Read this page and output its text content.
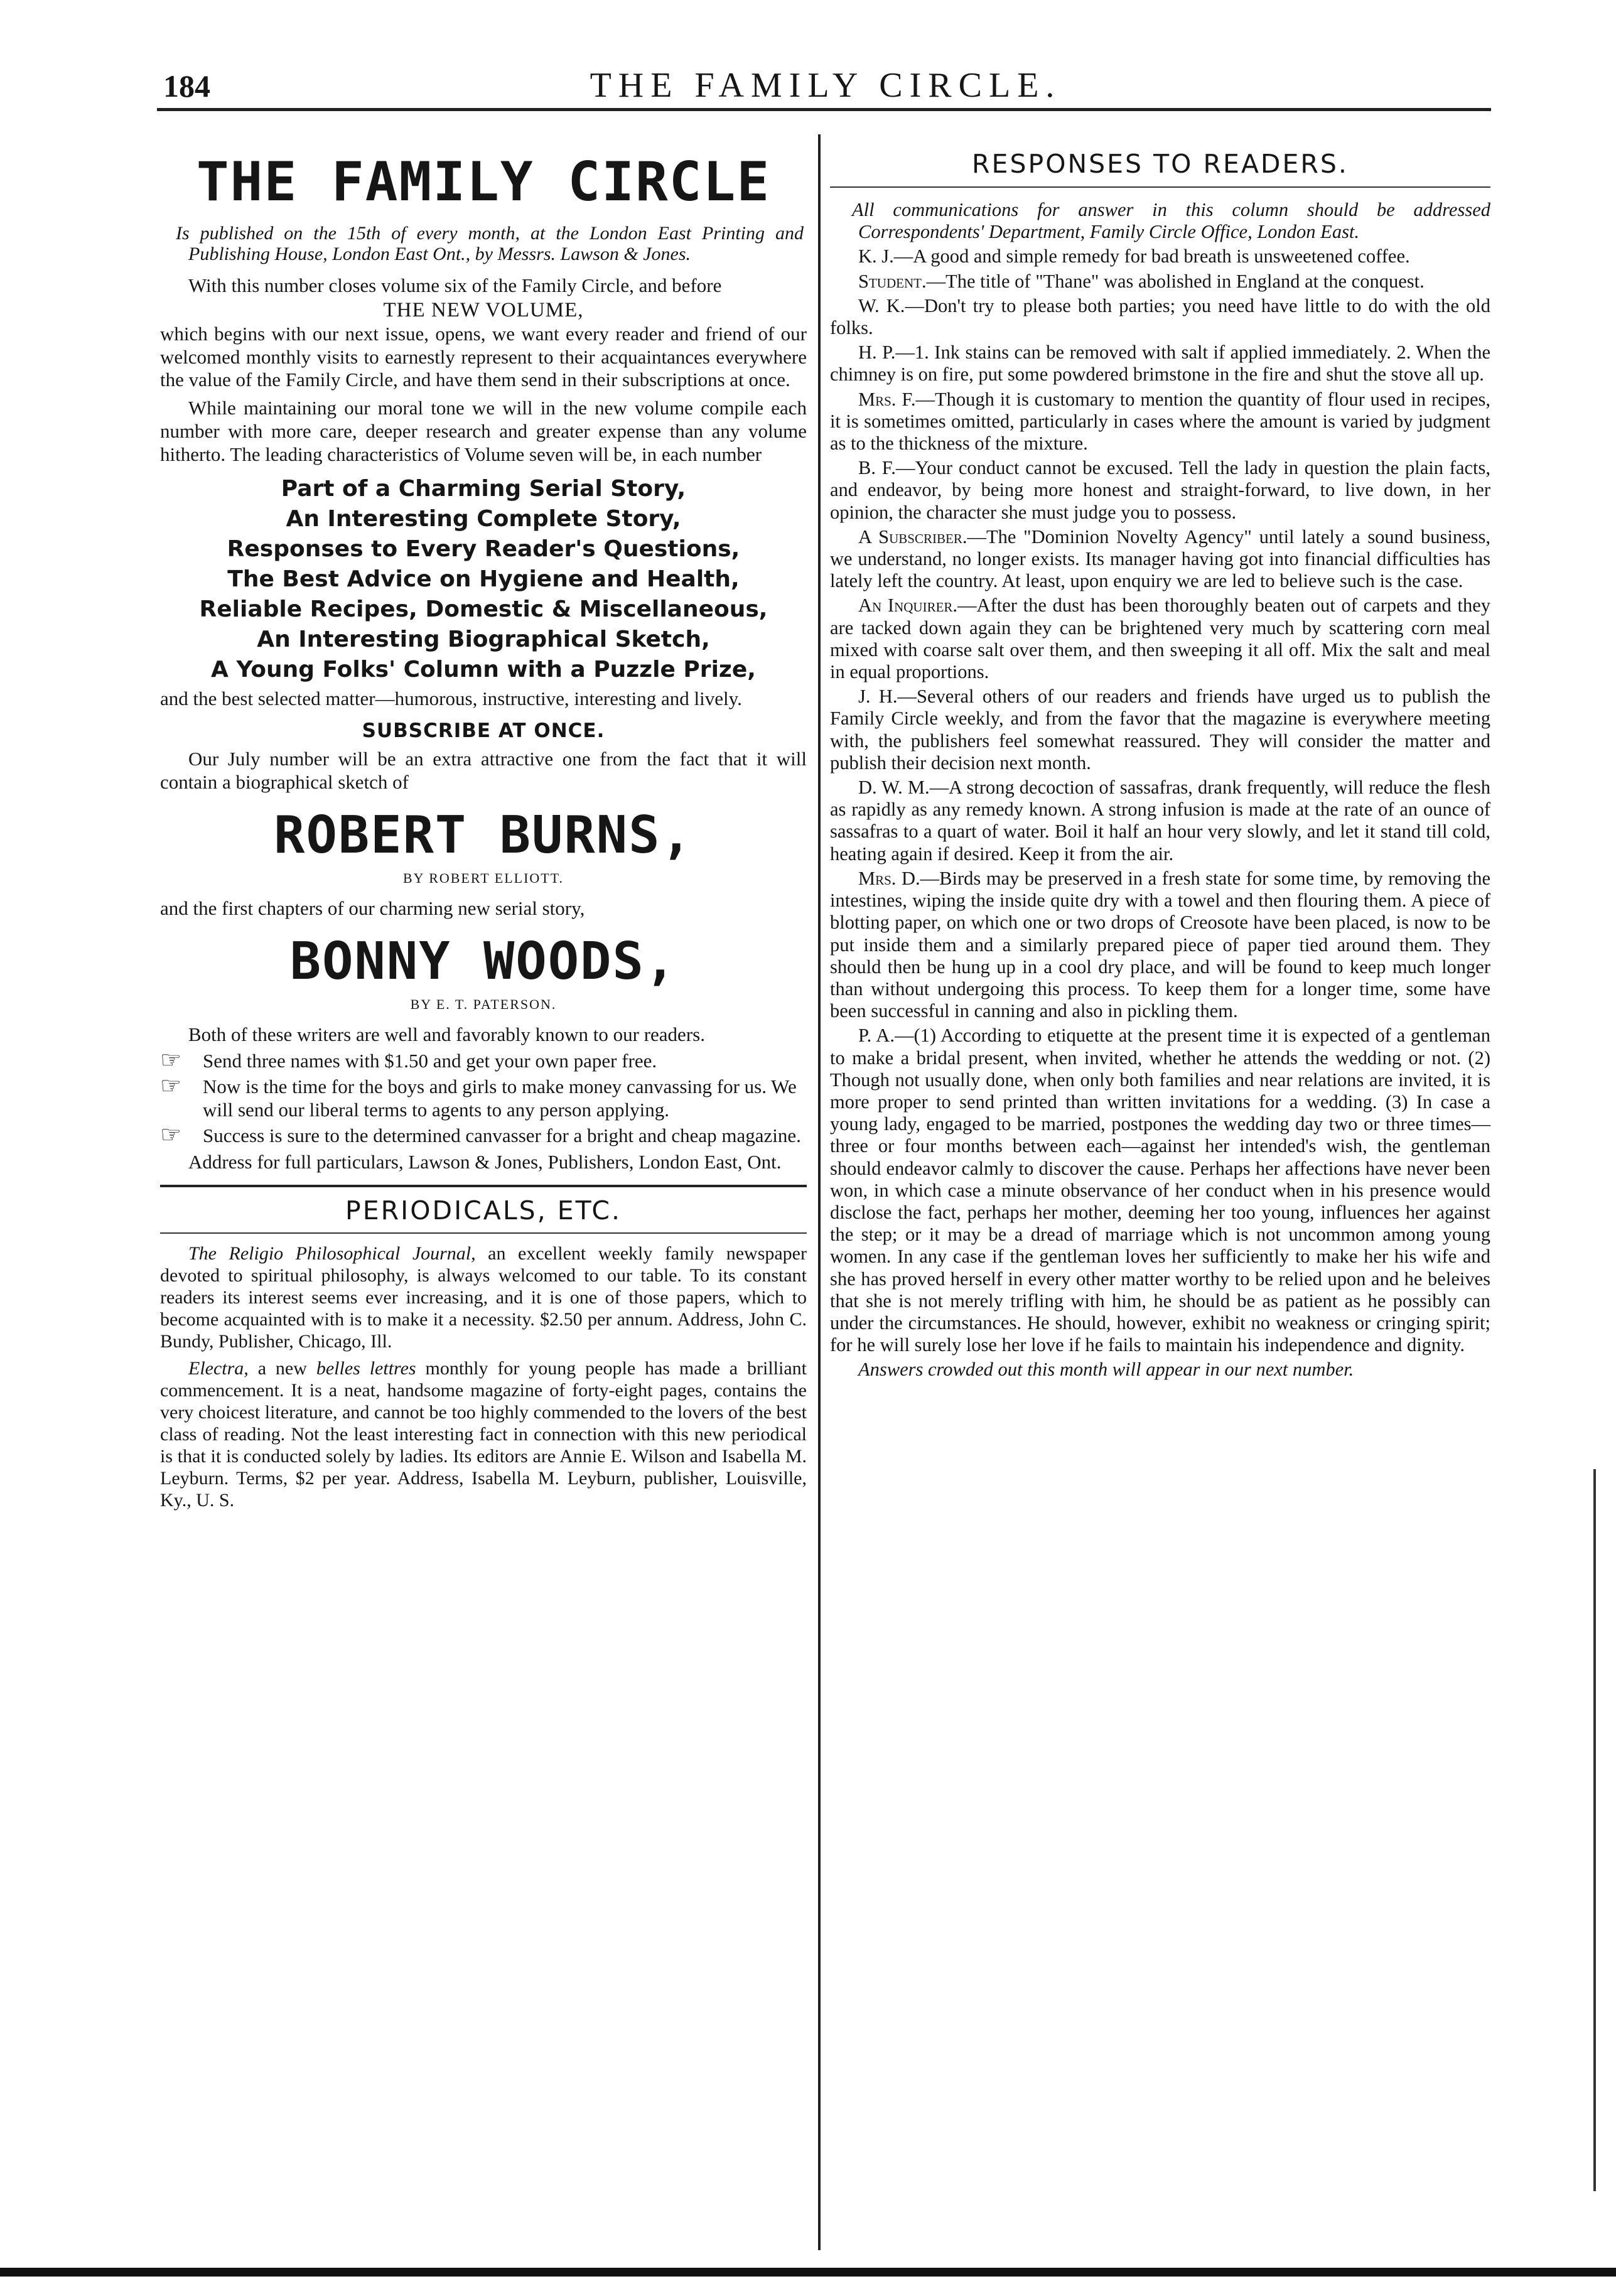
184	THE FAMILY CIRCLE.
THE FAMILY CIRCLE

Is published on the 15th of every month, at the London East Printing and Publishing House, London East Ont., by Messrs. Lawson & Jones.

With this number closes volume six of the Family Circle, and before

THE NEW VOLUME,

which begins with our next issue, opens, we want every reader and friend of our welcomed monthly visits to earnestly represent to their acquaintances everywhere the value of the Family Circle, and have them send in their subscriptions at once.

While maintaining our moral tone we will in the new volume compile each number with more care, deeper research and greater expense than any volume hitherto. The leading characteristics of Volume seven will be, in each number

Part of a Charming Serial Story,
An Interesting Complete Story,
Responses to Every Reader's Questions,
The Best Advice on Hygiene and Health,
Reliable Recipes, Domestic & Miscellaneous,
An Interesting Biographical Sketch,
A Young Folks' Column with a Puzzle Prize,

and the best selected matter—humorous, instructive, interesting and lively.

SUBSCRIBE AT ONCE.

Our July number will be an extra attractive one from the fact that it will contain a biographical sketch of

ROBERT BURNS,
BY ROBERT ELLIOTT.

and the first chapters of our charming new serial story,

BONNY WOODS,
BY E. T. PATERSON.

Both of these writers are well and favorably known to our readers.

☞	Send three names with $1.50 and get your own paper free.
☞	Now is the time for the boys and girls to make money canvassing for us. We will send our liberal terms to agents to any person applying.
☞	Success is sure to the determined canvasser for a bright and cheap magazine.

Address for full particulars, Lawson & Jones, Publishers, London East, Ont.

PERIODICALS, ETC.

The Religio Philosophical Journal, an excellent weekly family newspaper devoted to spiritual philosophy, is always welcomed to our table. To its constant readers its interest seems ever increasing, and it is one of those papers, which to become acquainted with is to make it a necessity. $2.50 per annum. Address, John C. Bundy, Publisher, Chicago, Ill.

Electra, a new belles lettres monthly for young people has made a brilliant commencement. It is a neat, handsome magazine of forty-eight pages, contains the very choicest literature, and cannot be too highly commended to the lovers of the best class of reading. Not the least interesting fact in connection with this new periodical is that it is conducted solely by ladies. Its editors are Annie E. Wilson and Isabella M. Leyburn. Terms, $2 per year. Address, Isabella M. Leyburn, publisher, Louisville, Ky., U. S.

RESPONSES TO READERS.

All communications for answer in this column should be addressed Correspondents' Department, Family Circle Office, London East.

K. J.—A good and simple remedy for bad breath is unsweetened coffee.

Student.—The title of "Thane" was abolished in England at the conquest.

W. K.—Don't try to please both parties; you need have little to do with the old folks.

H. P.—1. Ink stains can be removed with salt if applied immediately. 2. When the chimney is on fire, put some powdered brimstone in the fire and shut the stove all up.

Mrs. F.—Though it is customary to mention the quantity of flour used in recipes, it is sometimes omitted, particularly in cases where the amount is varied by judgment as to the thickness of the mixture.

B. F.—Your conduct cannot be excused. Tell the lady in question the plain facts, and endeavor, by being more honest and straight-forward, to live down, in her opinion, the character she must judge you to possess.

A Subscriber.—The "Dominion Novelty Agency" until lately a sound business, we understand, no longer exists. Its manager having got into financial difficulties has lately left the country. At least, upon enquiry we are led to believe such is the case.

An Inquirer.—After the dust has been thoroughly beaten out of carpets and they are tacked down again they can be brightened very much by scattering corn meal mixed with coarse salt over them, and then sweeping it all off. Mix the salt and meal in equal proportions.

J. H.—Several others of our readers and friends have urged us to publish the Family Circle weekly, and from the favor that the magazine is everywhere meeting with, the publishers feel somewhat reassured. They will consider the matter and publish their decision next month.

D. W. M.—A strong decoction of sassafras, drank frequently, will reduce the flesh as rapidly as any remedy known. A strong infusion is made at the rate of an ounce of sassafras to a quart of water. Boil it half an hour very slowly, and let it stand till cold, heating again if desired. Keep it from the air.

Mrs. D.—Birds may be preserved in a fresh state for some time, by removing the intestines, wiping the inside quite dry with a towel and then flouring them. A piece of blotting paper, on which one or two drops of Creosote have been placed, is now to be put inside them and a similarly prepared piece of paper tied around them. They should then be hung up in a cool dry place, and will be found to keep much longer than without undergoing this process. To keep them for a longer time, some have been successful in canning and also in pickling them.

P. A.—(1) According to etiquette at the present time it is expected of a gentleman to make a bridal present, when invited, whether he attends the wedding or not. (2) Though not usually done, when only both families and near relations are invited, it is more proper to send printed than written invitations for a wedding. (3) In case a young lady, engaged to be married, postpones the wedding day two or three times—three or four months between each—against her intended's wish, the gentleman should endeavor calmly to discover the cause. Perhaps her affections have never been won, in which case a minute observance of her conduct when in his presence would disclose the fact, perhaps her mother, deeming her too young, influences her against the step; or it may be a dread of marriage which is not uncommon among young women. In any case if the gentleman loves her sufficiently to make her his wife and she has proved herself in every other matter worthy to be relied upon and he beleives that she is not merely trifling with him, he should be as patient as he possibly can under the circumstances. He should, however, exhibit no weakness or cringing spirit; for he will surely lose her love if he fails to maintain his independence and dignity.

Answers crowded out this month will appear in our next number.
